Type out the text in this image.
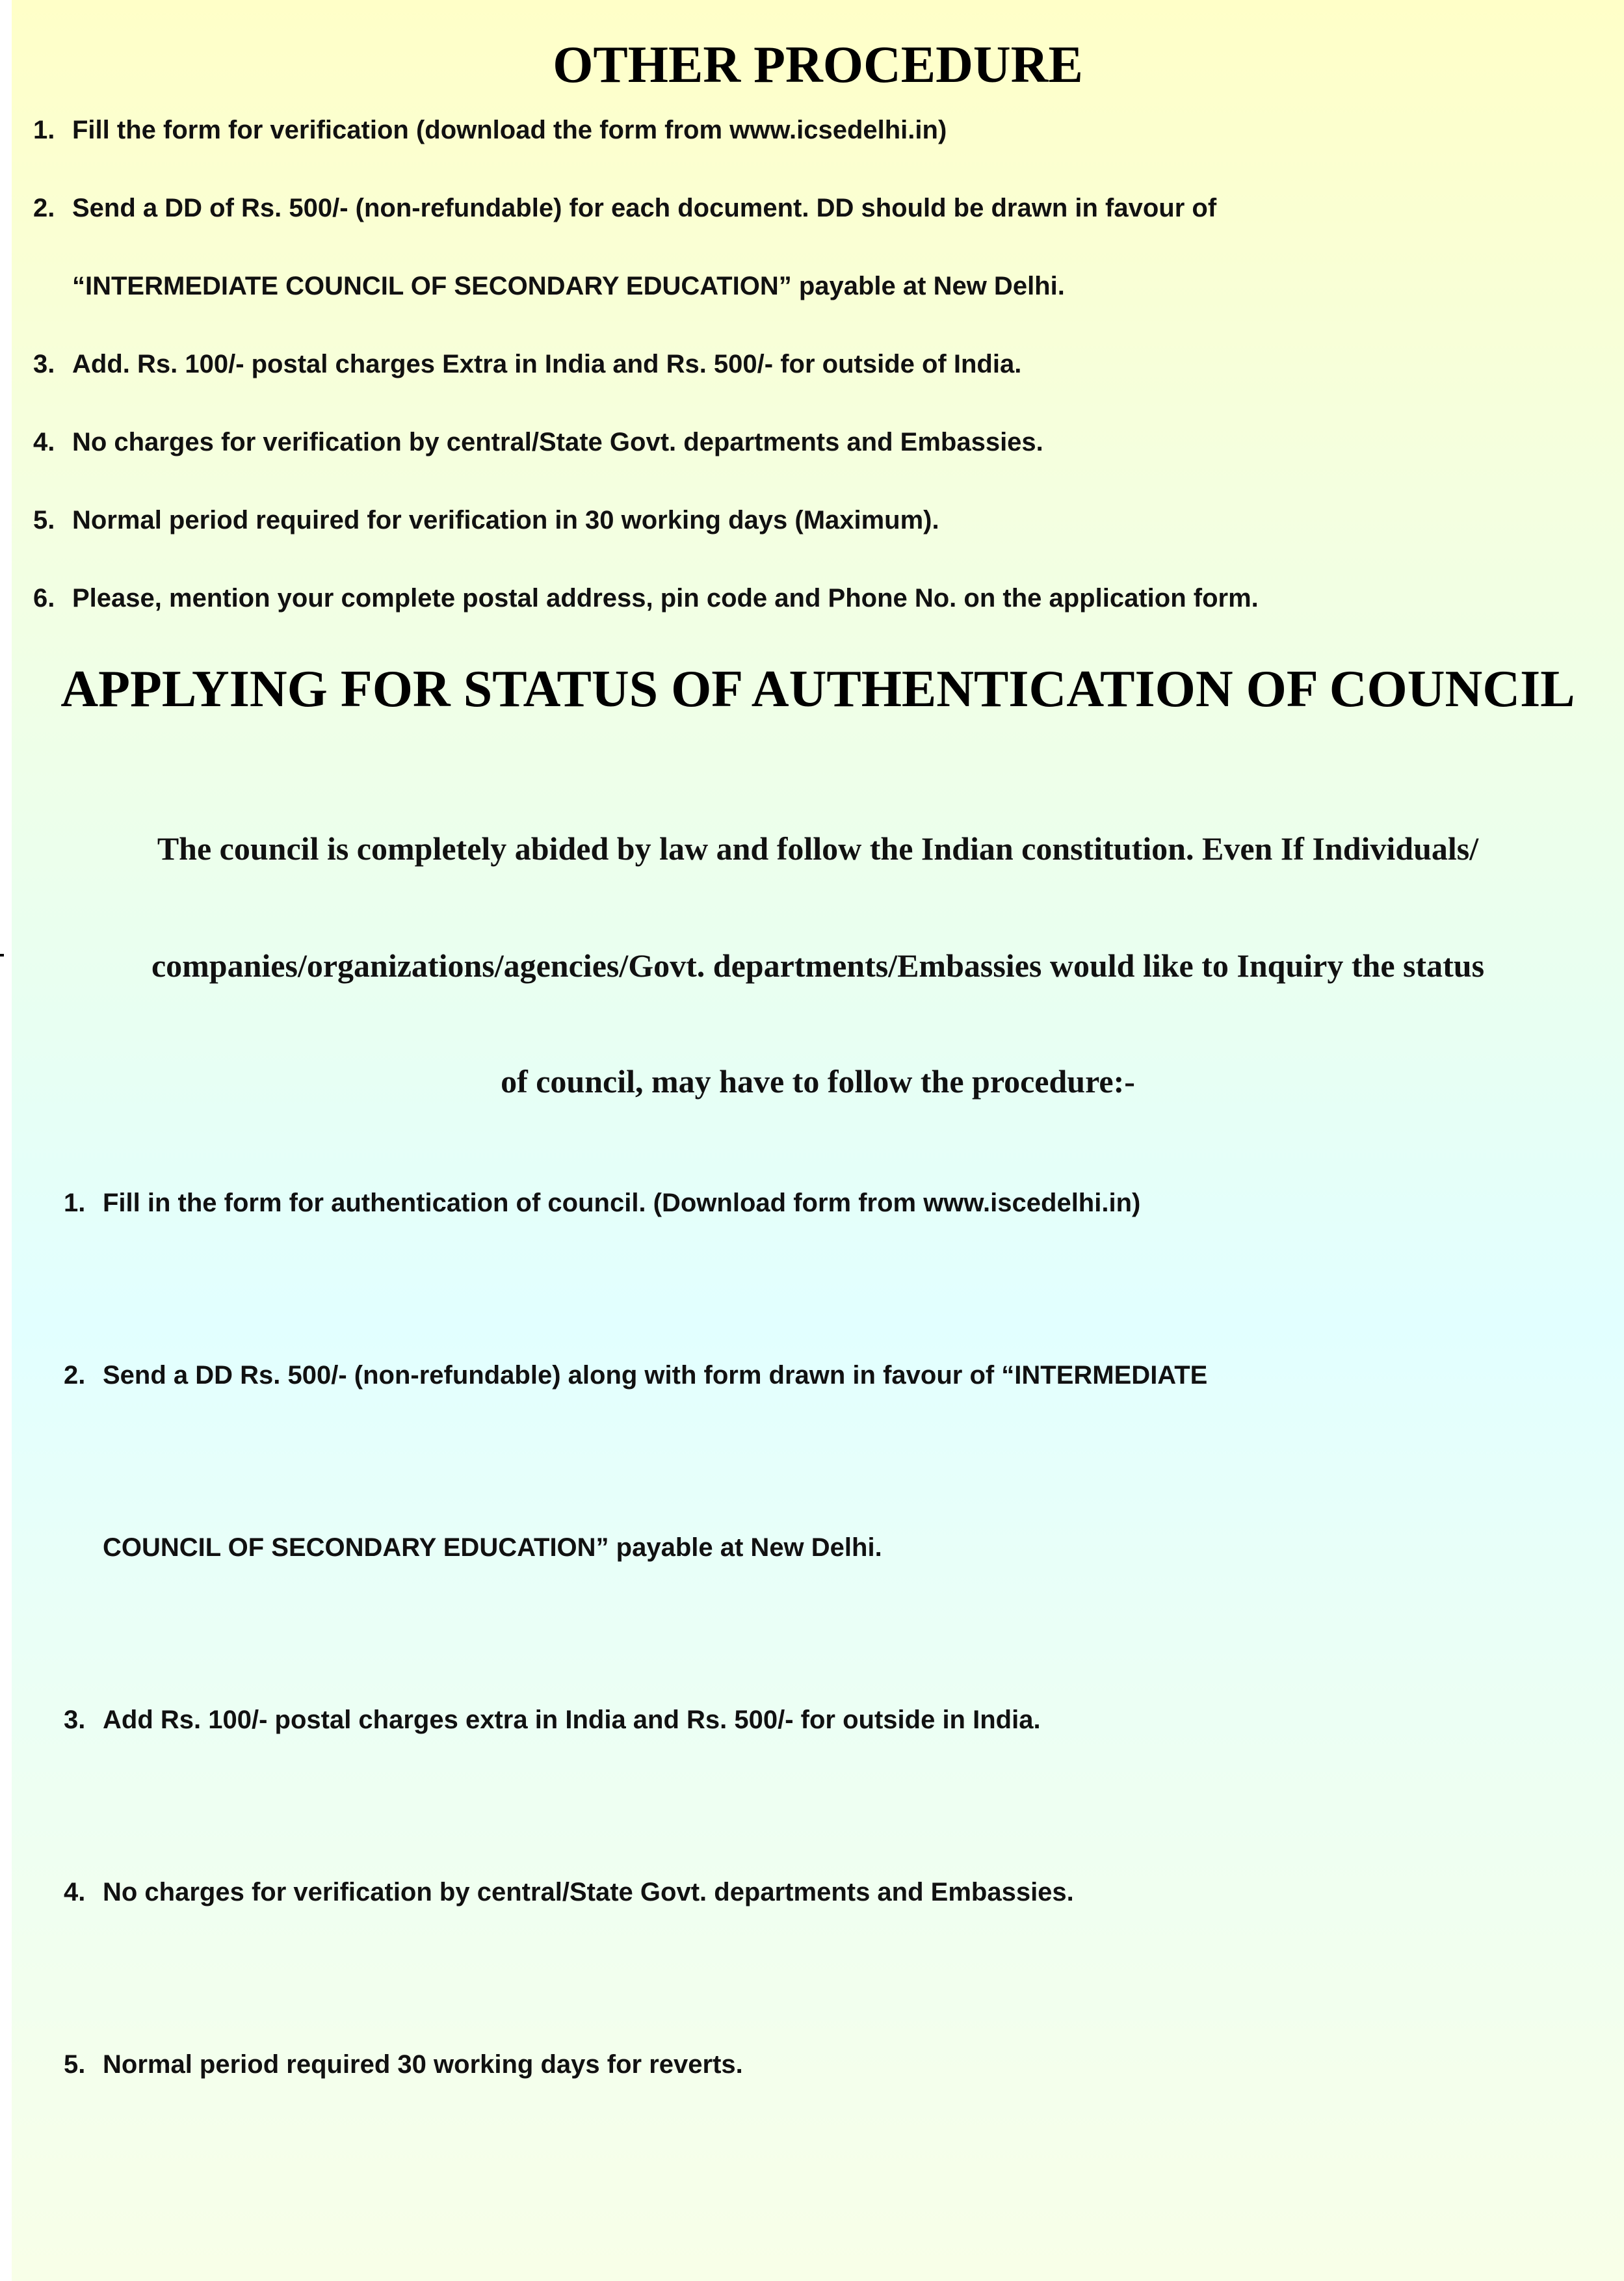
OTHER PROCEDURE
1. Fill the form for verification (download the form from www.icsedelhi.in)
2. Send a DD of Rs. 500/- (non-refundable) for each document. DD should be drawn in favour of
“INTERMEDIATE COUNCIL OF SECONDARY EDUCATION” payable at New Delhi.
3. Add. Rs. 100/- postal charges Extra in India and Rs. 500/- for outside of India.
4. No charges for verification by central/State Govt. departments and Embassies.
5. Normal period required for verification in 30 working days (Maximum).
6. Please, mention your complete postal address, pin code and Phone No. on the application form.
APPLYING FOR STATUS OF AUTHENTICATION OF COUNCIL

The council is completely abided by law and follow the Indian constitution. Even If Individuals/

companies/organizations/agencies/Govt. departments/Embassies would like to Inquiry the status

of council, may have to follow the procedure:-

1. Fill in the form for authentication of council. (Download form from www.iscedelhi.in)
2. Send a DD Rs. 500/- (non-refundable) along with form drawn in favour of “INTERMEDIATE
COUNCIL OF SECONDARY EDUCATION” payable at New Delhi.
3. Add Rs. 100/- postal charges extra in India and Rs. 500/- for outside in India.
4. No charges for verification by central/State Govt. departments and Embassies.
5. Normal period required 30 working days for reverts.
